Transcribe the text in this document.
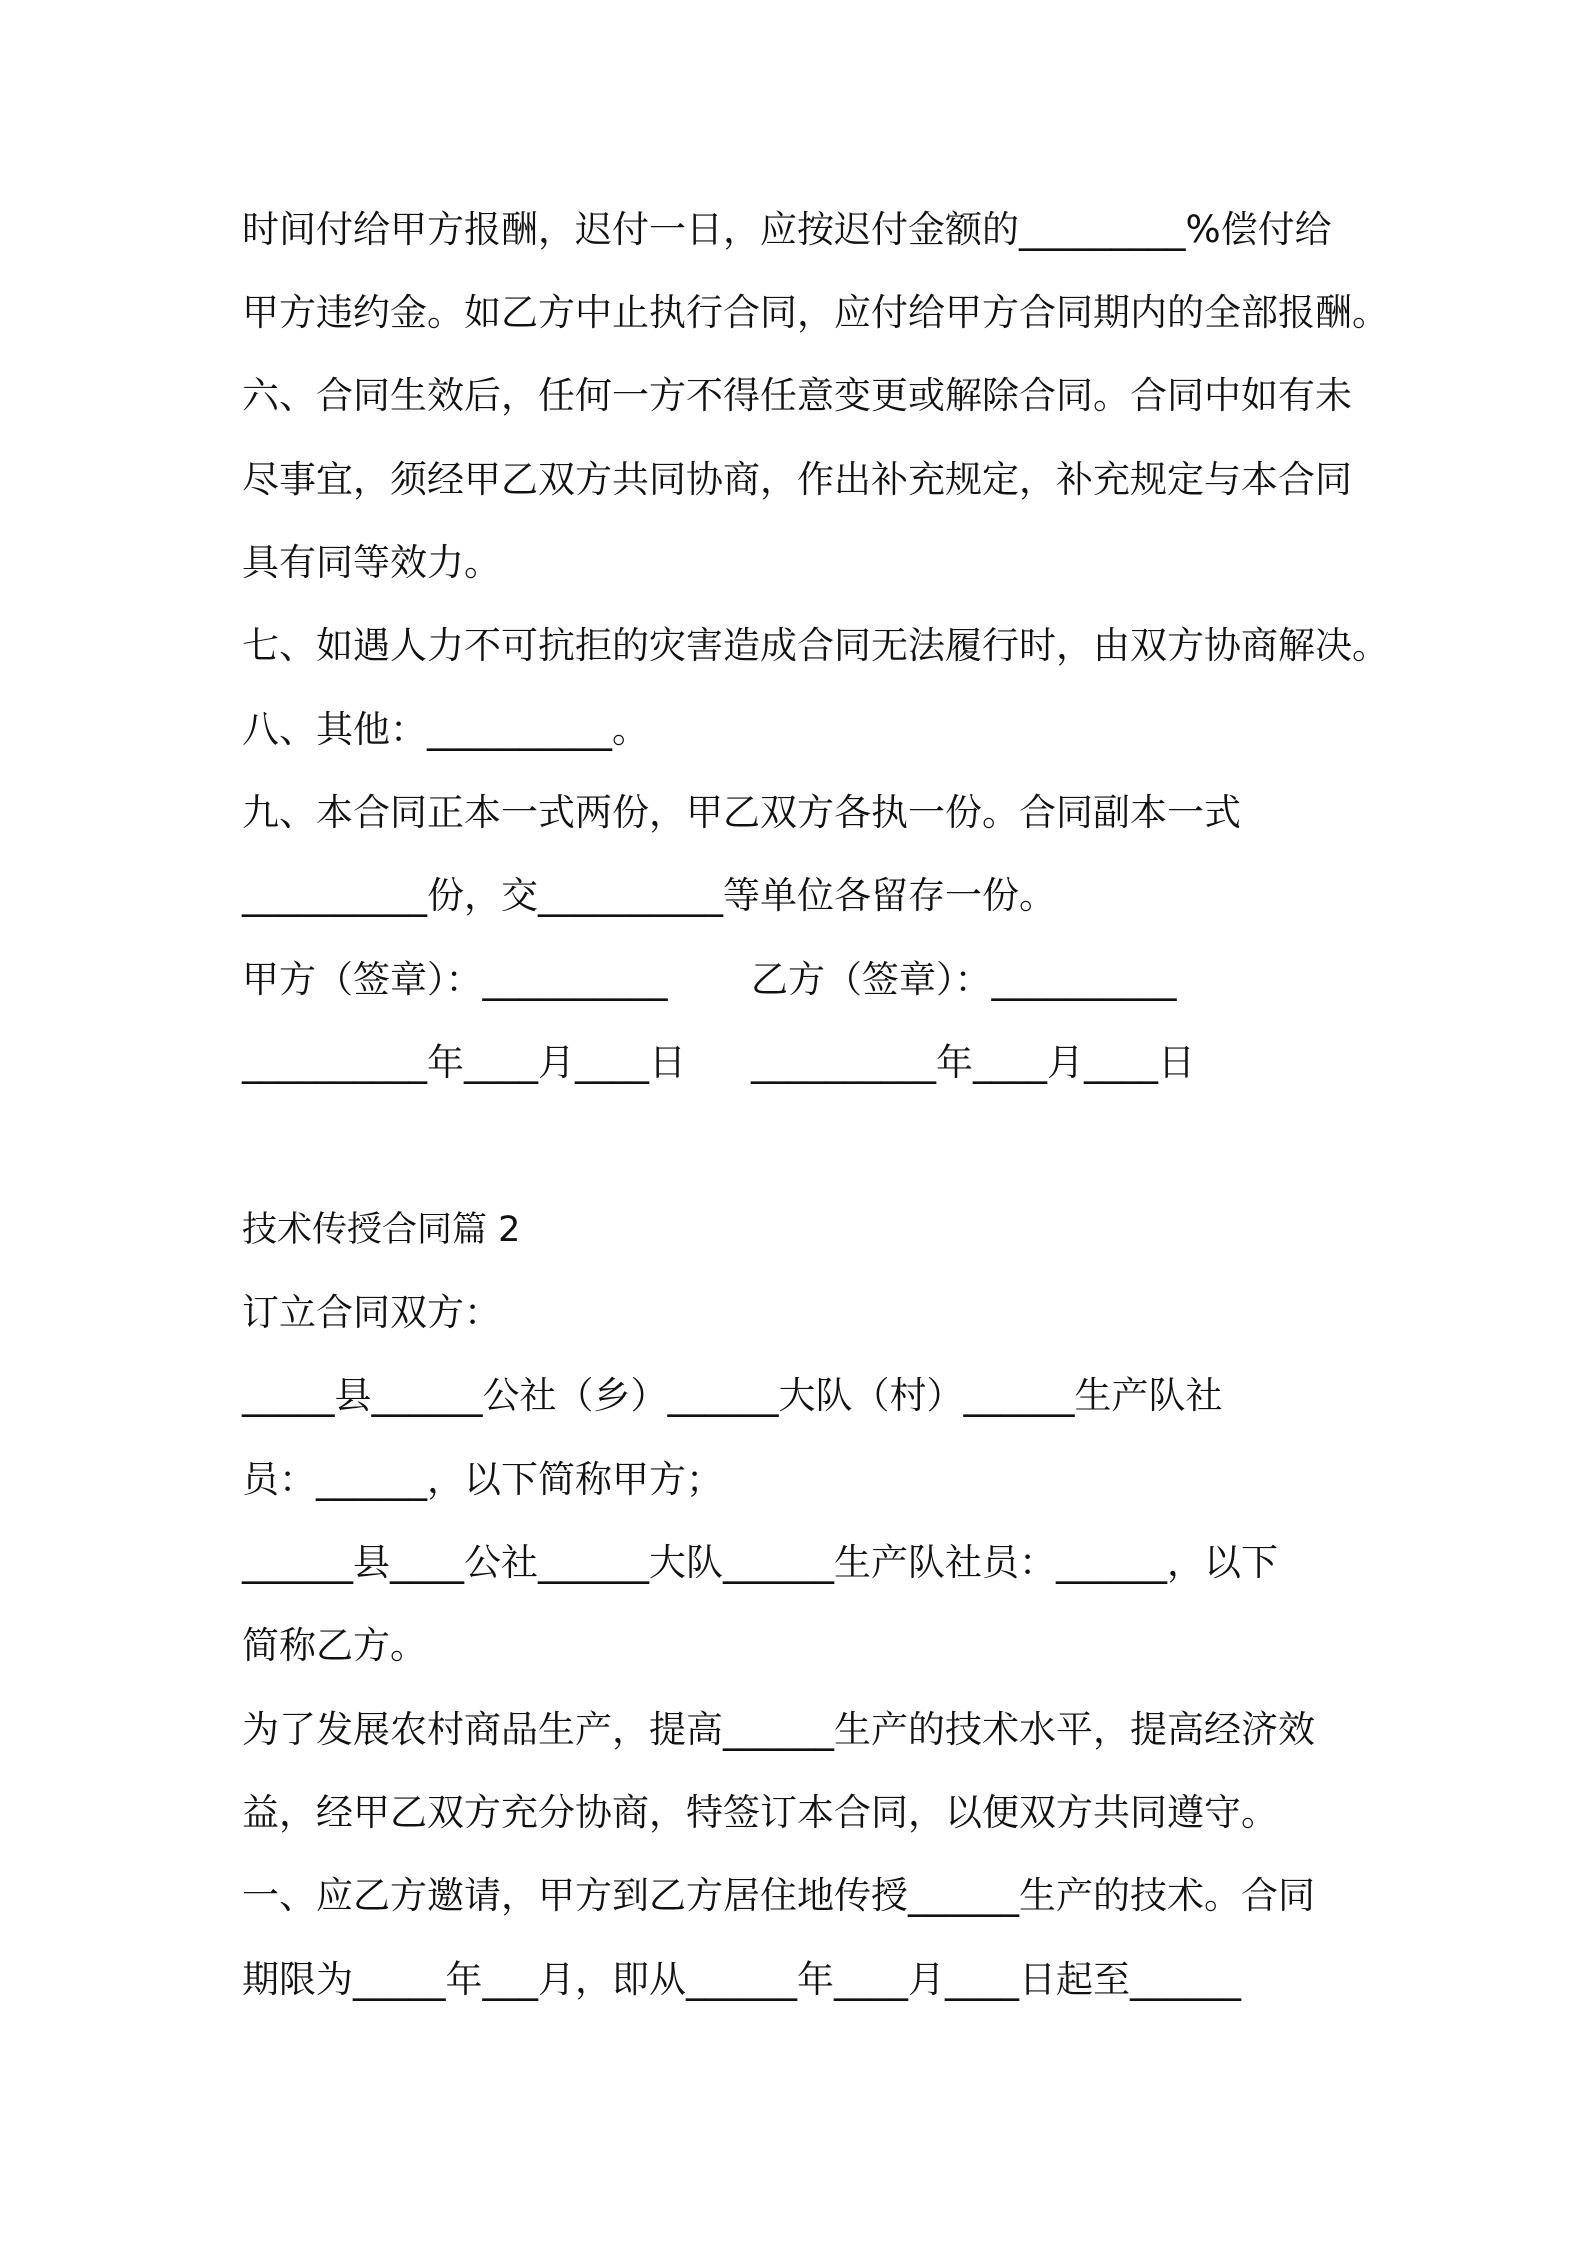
时间付给甲方报酬，迟付一日，应按迟付金额的_________%偿付给
甲方违约金。如乙方中止执行合同，应付给甲方合同期内的全部报酬。
六、合同生效后，任何一方不得任意变更或解除合同。合同中如有未
尽事宜，须经甲乙双方共同协商，作出补充规定，补充规定与本合同
具有同等效力。
七、如遇人力不可抗拒的灾害造成合同无法履行时，由双方协商解决。
八、其他：__________。
九、本合同正本一式两份，甲乙双方各执一份。合同副本一式
__________份，交__________等单位各留存一份。
甲方（签章）：__________ 乙方（签章）：__________
__________年____月____日 __________年____月____日
技术传授合同篇 2
订立合同双方：
_____县______公社（乡）______大队（村）______生产队社
员：______，以下简称甲方；
______县____公社______大队______生产队社员：______，以下
简称乙方。
为了发展农村商品生产，提高______生产的技术水平，提高经济效
益，经甲乙双方充分协商，特签订本合同，以便双方共同遵守。
一、应乙方邀请，甲方到乙方居住地传授______生产的技术。合同
期限为_____年___月，即从______年____月____日起至______
